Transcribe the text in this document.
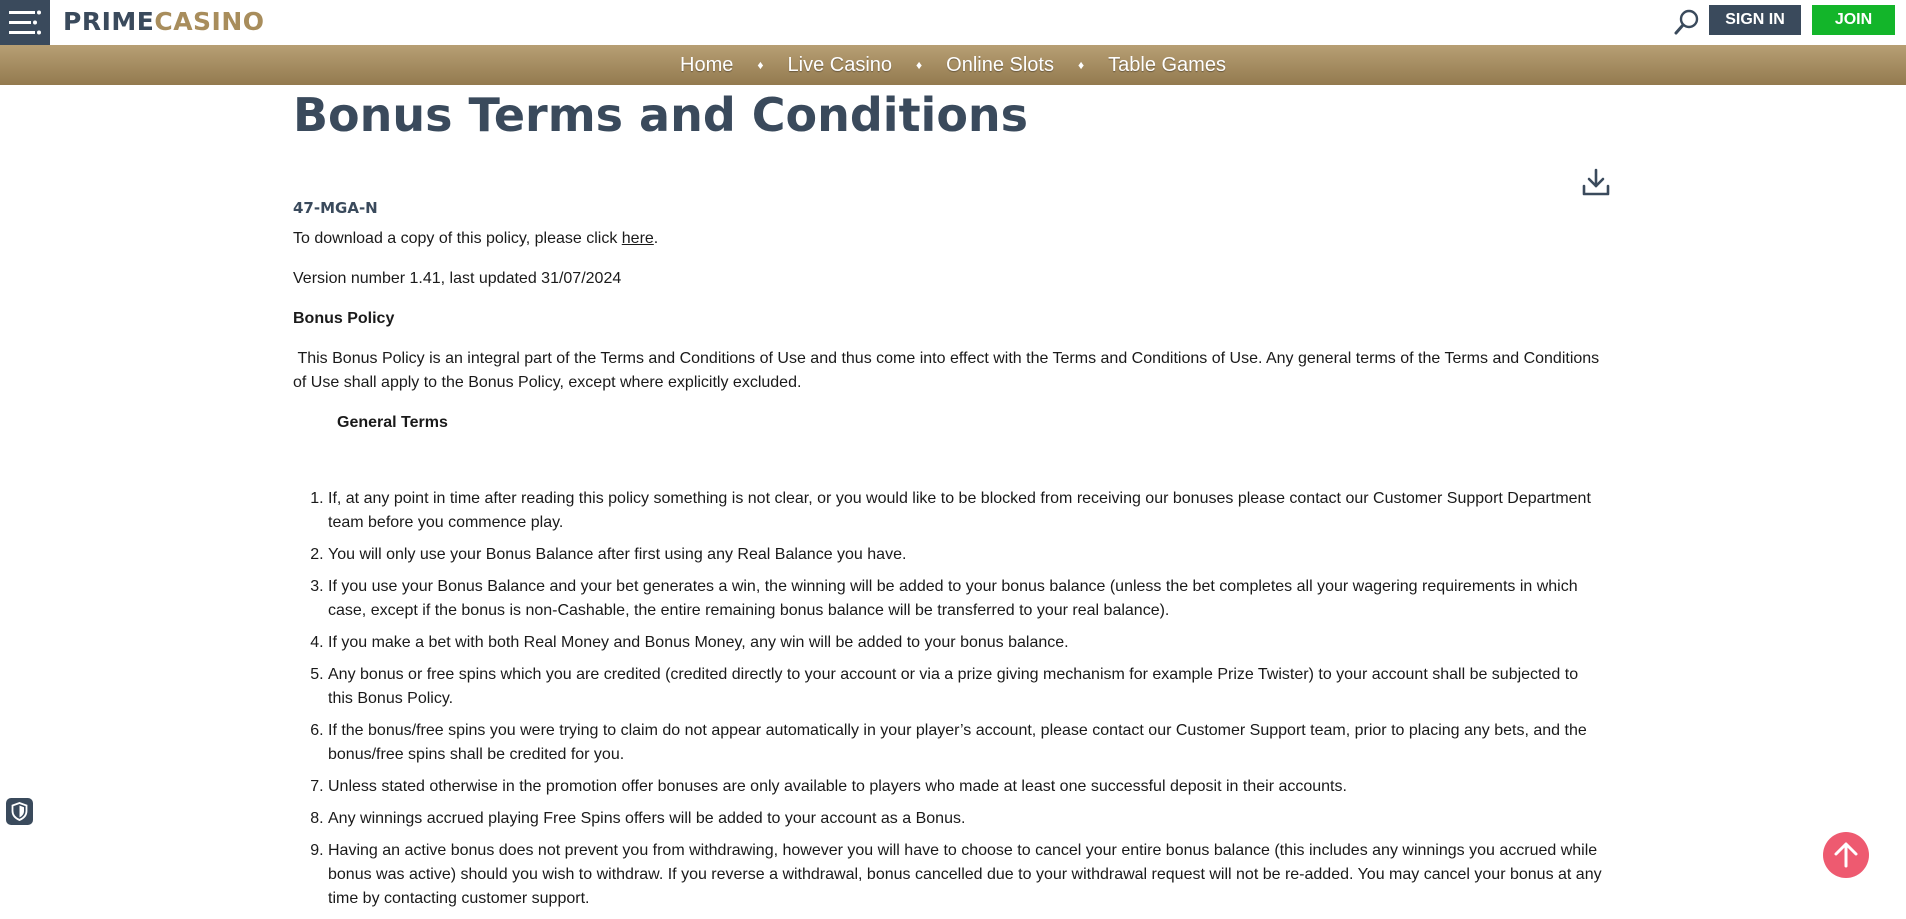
PRIMECASINO	SIGN IN	JOIN
Home ♦ Live Casino ♦ Online Slots ♦ Table Games
Bonus Terms and Conditions
47-MGA-N
To download a copy of this policy, please click here.
Version number 1.41, last updated 31/07/2024
Bonus Policy
This Bonus Policy is an integral part of the Terms and Conditions of Use and thus come into effect with the Terms and Conditions of Use. Any general terms of the Terms and Conditions of Use shall apply to the Bonus Policy, except where explicitly excluded.
General Terms
1. If, at any point in time after reading this policy something is not clear, or you would like to be blocked from receiving our bonuses please contact our Customer Support Department team before you commence play.
2. You will only use your Bonus Balance after first using any Real Balance you have.
3. If you use your Bonus Balance and your bet generates a win, the winning will be added to your bonus balance (unless the bet completes all your wagering requirements in which case, except if the bonus is non-Cashable, the entire remaining bonus balance will be transferred to your real balance).
4. If you make a bet with both Real Money and Bonus Money, any win will be added to your bonus balance.
5. Any bonus or free spins which you are credited (credited directly to your account or via a prize giving mechanism for example Prize Twister) to your account shall be subjected to this Bonus Policy.
6. If the bonus/free spins you were trying to claim do not appear automatically in your player’s account, please contact our Customer Support team, prior to placing any bets, and the bonus/free spins shall be credited for you.
7. Unless stated otherwise in the promotion offer bonuses are only available to players who made at least one successful deposit in their accounts.
8. Any winnings accrued playing Free Spins offers will be added to your account as a Bonus.
9. Having an active bonus does not prevent you from withdrawing, however you will have to choose to cancel your entire bonus balance (this includes any winnings you accrued while bonus was active) should you wish to withdraw. If you reverse a withdrawal, bonus cancelled due to your withdrawal request will not be re-added. You may cancel your bonus at any time by contacting customer support.
